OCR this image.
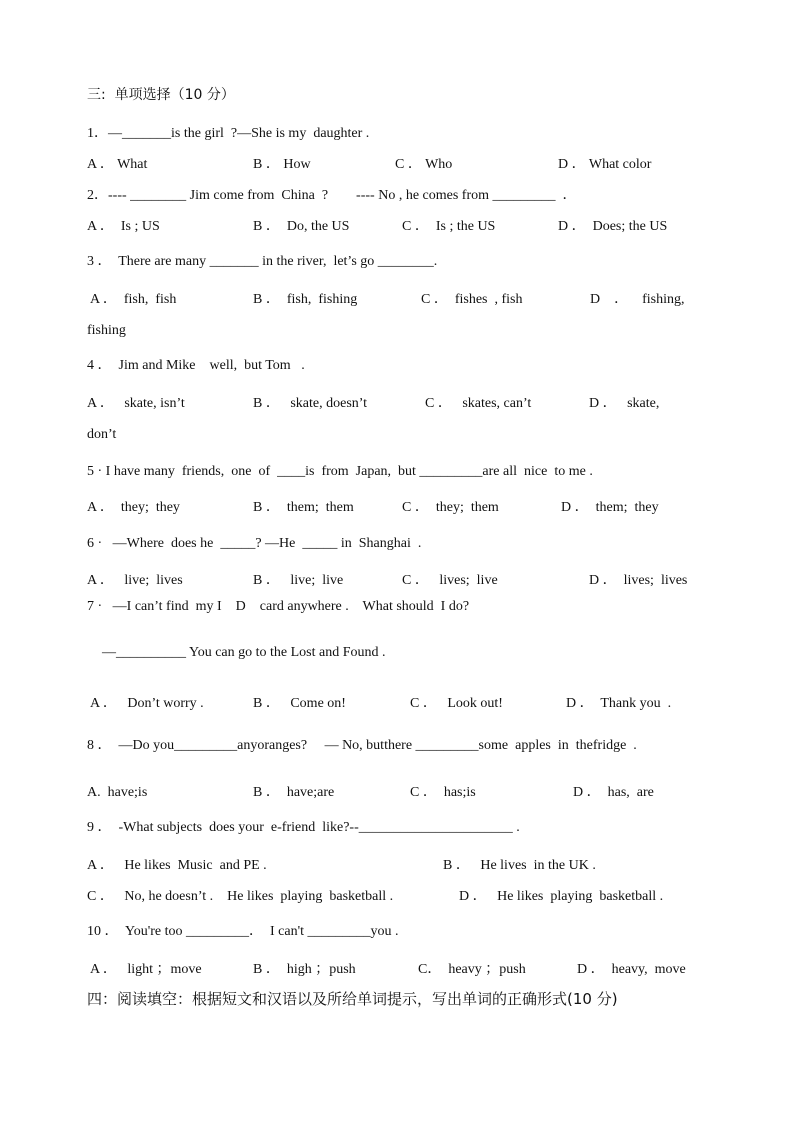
三:  单项选择（10 分）
1．—_______is the girl  ?—She is my  daughter .
A ． What	B ． How	C ． Who	D ． What color
2．---- ________ Jim come from  China  ?        ---- No , he comes from _________  ．
A ．  Is ; US	B ．  Do, the US	C ．  Is ; the US	D ．  Does; the US
3 ．  There are many _______ in the river,  let’s go ________.
A ．  fish,  fish	B ．  fish,  fishing	C ．  fishes  , fish	D    ．    fishing,
fishing
4 ．  Jim and Mike    well,  but Tom   .
A ．   skate, isn’t	B ．   skate, doesn’t	C ．   skates, can’t	D ．   skate,
don’t
5 · I have many  friends,  one  of  ____is  from  Japan,  but _________are all  nice  to me .
A ．  they;  they	B ．  them;  them	C ．  they;  them	D ．  them;  they
6 ·   —Where  does he  _____? —He  _____ in  Shanghai  .
A ．   live;  lives	B ．   live;  live	C ．   lives;  live	D ．  lives;  lives
7 ·   —I can’t find  my I    D    card anywhere .    What should  I do?
—__________ You can go to the Lost and Found .
A ．   Don’t worry .	B ．   Come on!	C ．   Look out!	D ．  Thank you  .
8 ．  —Do you_________anyoranges?     — No, butthere _________some  apples  in  thefridge  .
A.  have;is	B ．  have;are	C ．  has;is	D ．  has,  are
9 ．  -What subjects  does your  e-friend  like?--______________________ .
A ．   He likes  Music  and PE .	B ．   He lives  in the UK .
C ．   No, he doesn’t .    He likes  playing  basketball .	D ．   He likes  playing  basketball .
10 ．  You're too _________．  I can't _________you .
A ．   light ；move	B ．  high ；push	C．  heavy ；push	D ．  heavy,  move
四：阅读填空：根据短文和汉语以及所给单词提示，写出单词的正确形式(10 分)
